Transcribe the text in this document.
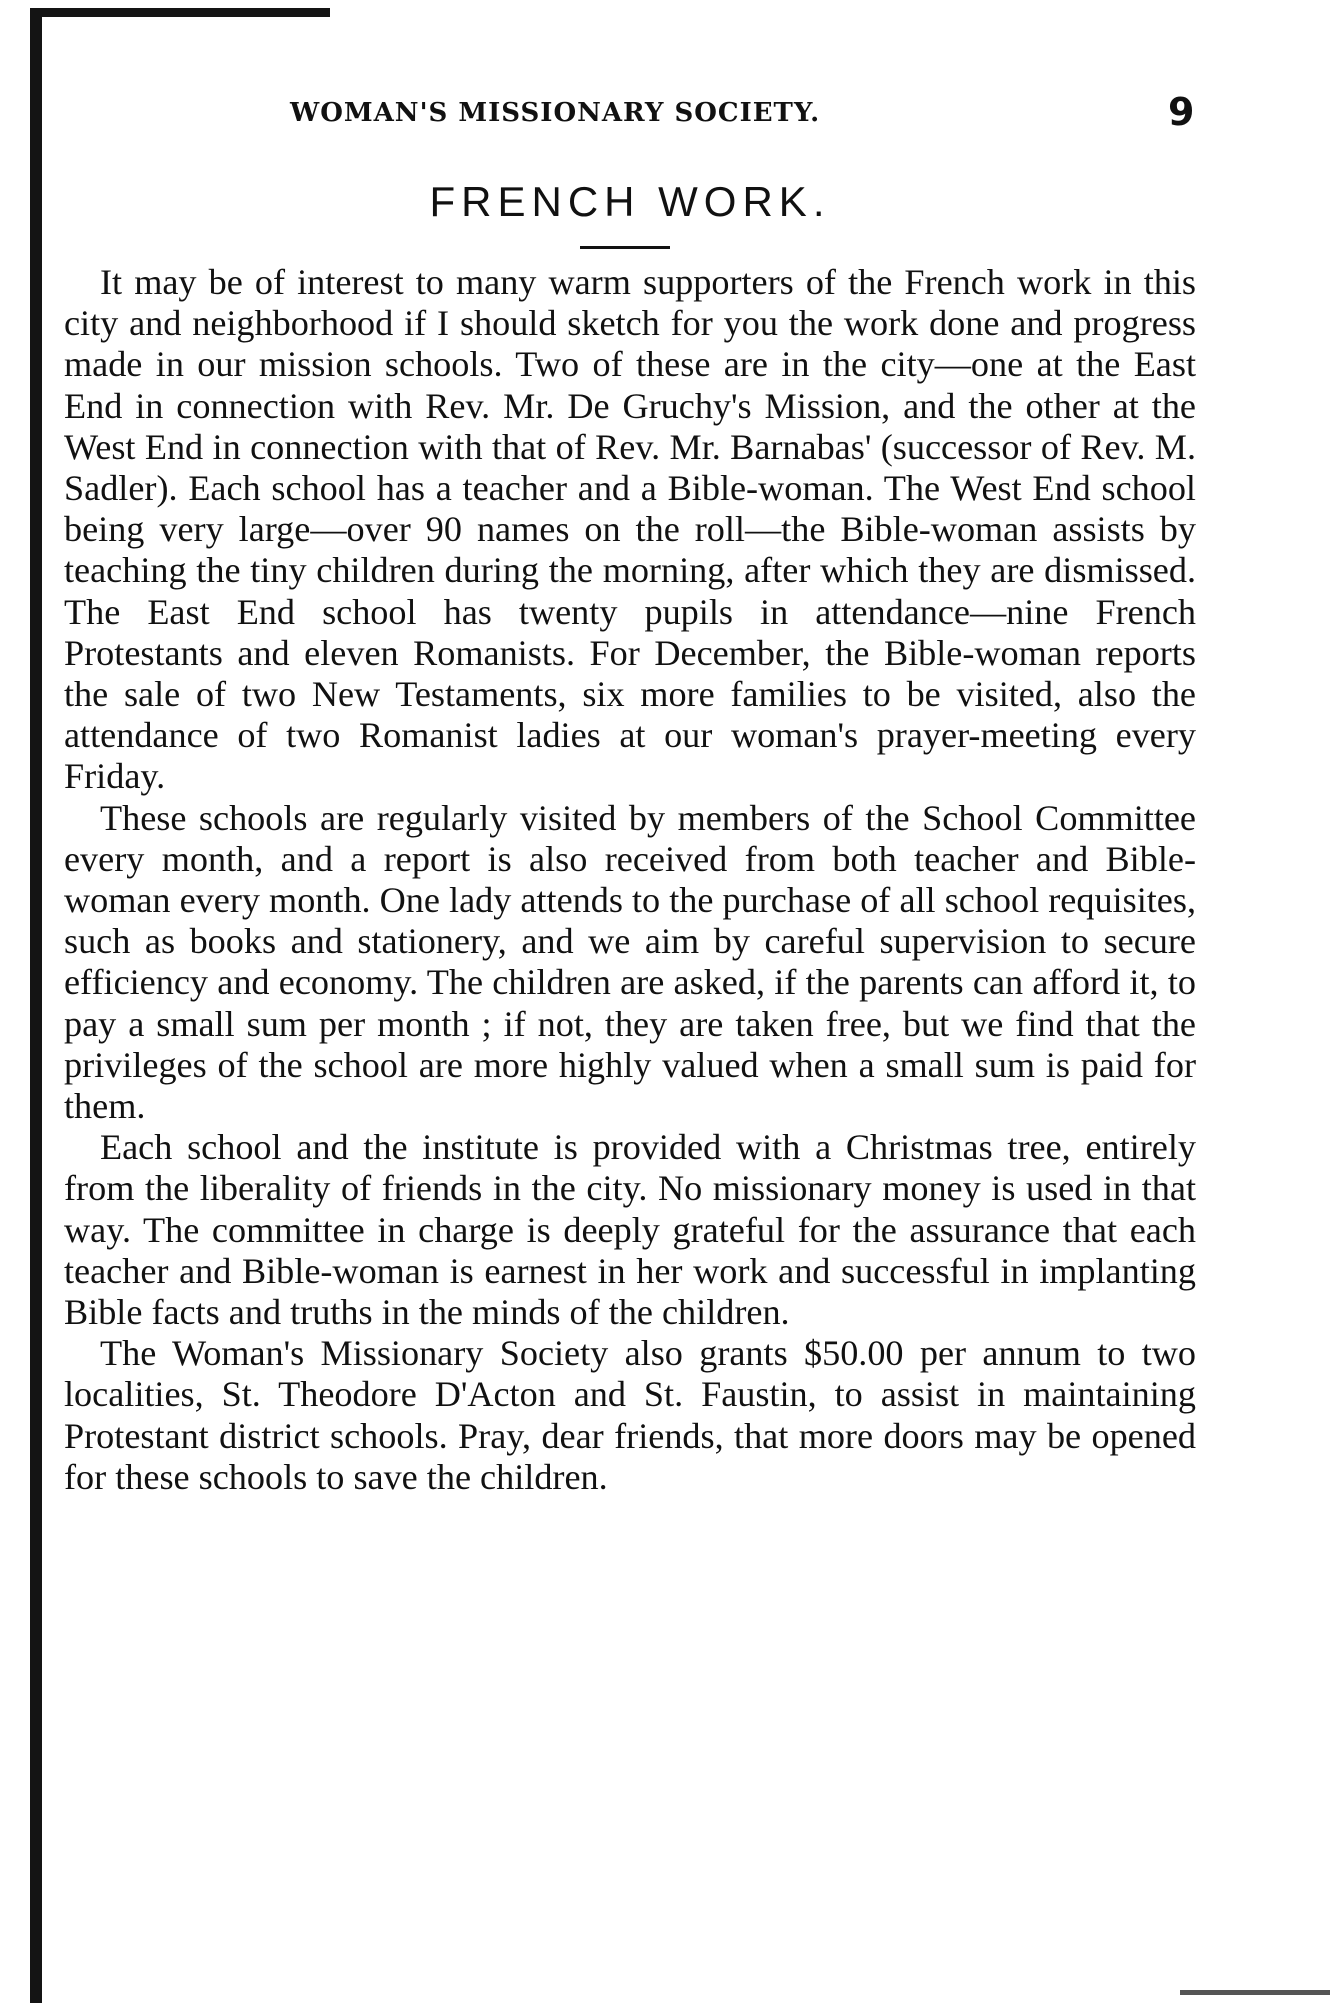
WOMAN'S MISSIONARY SOCIETY.	9
FRENCH WORK.

It may be of interest to many warm supporters of the French work in this city and neighborhood if I should sketch for you the work done and progress made in our mission schools. Two of these are in the city—one at the East End in connection with Rev. Mr. De Gruchy's Mission, and the other at the West End in connection with that of Rev. Mr. Barnabas' (successor of Rev. M. Sadler). Each school has a teacher and a Bible-woman. The West End school being very large—over 90 names on the roll—the Bible-woman assists by teaching the tiny children during the morning, after which they are dismissed. The East End school has twenty pupils in attendance—nine French Protestants and eleven Romanists. For December, the Bible-woman reports the sale of two New Testaments, six more families to be visited, also the attendance of two Romanist ladies at our woman's prayer-meeting every Friday.

These schools are regularly visited by members of the School Committee every month, and a report is also received from both teacher and Bible-woman every month. One lady attends to the purchase of all school requisites, such as books and stationery, and we aim by careful supervision to secure efficiency and economy. The children are asked, if the parents can afford it, to pay a small sum per month ; if not, they are taken free, but we find that the privileges of the school are more highly valued when a small sum is paid for them.

Each school and the institute is provided with a Christmas tree, entirely from the liberality of friends in the city. No missionary money is used in that way. The committee in charge is deeply grateful for the assurance that each teacher and Bible-woman is earnest in her work and successful in implanting Bible facts and truths in the minds of the children.

The Woman's Missionary Society also grants $50.00 per annum to two localities, St. Theodore D'Acton and St. Faustin, to assist in maintaining Protestant district schools. Pray, dear friends, that more doors may be opened for these schools to save the children.
